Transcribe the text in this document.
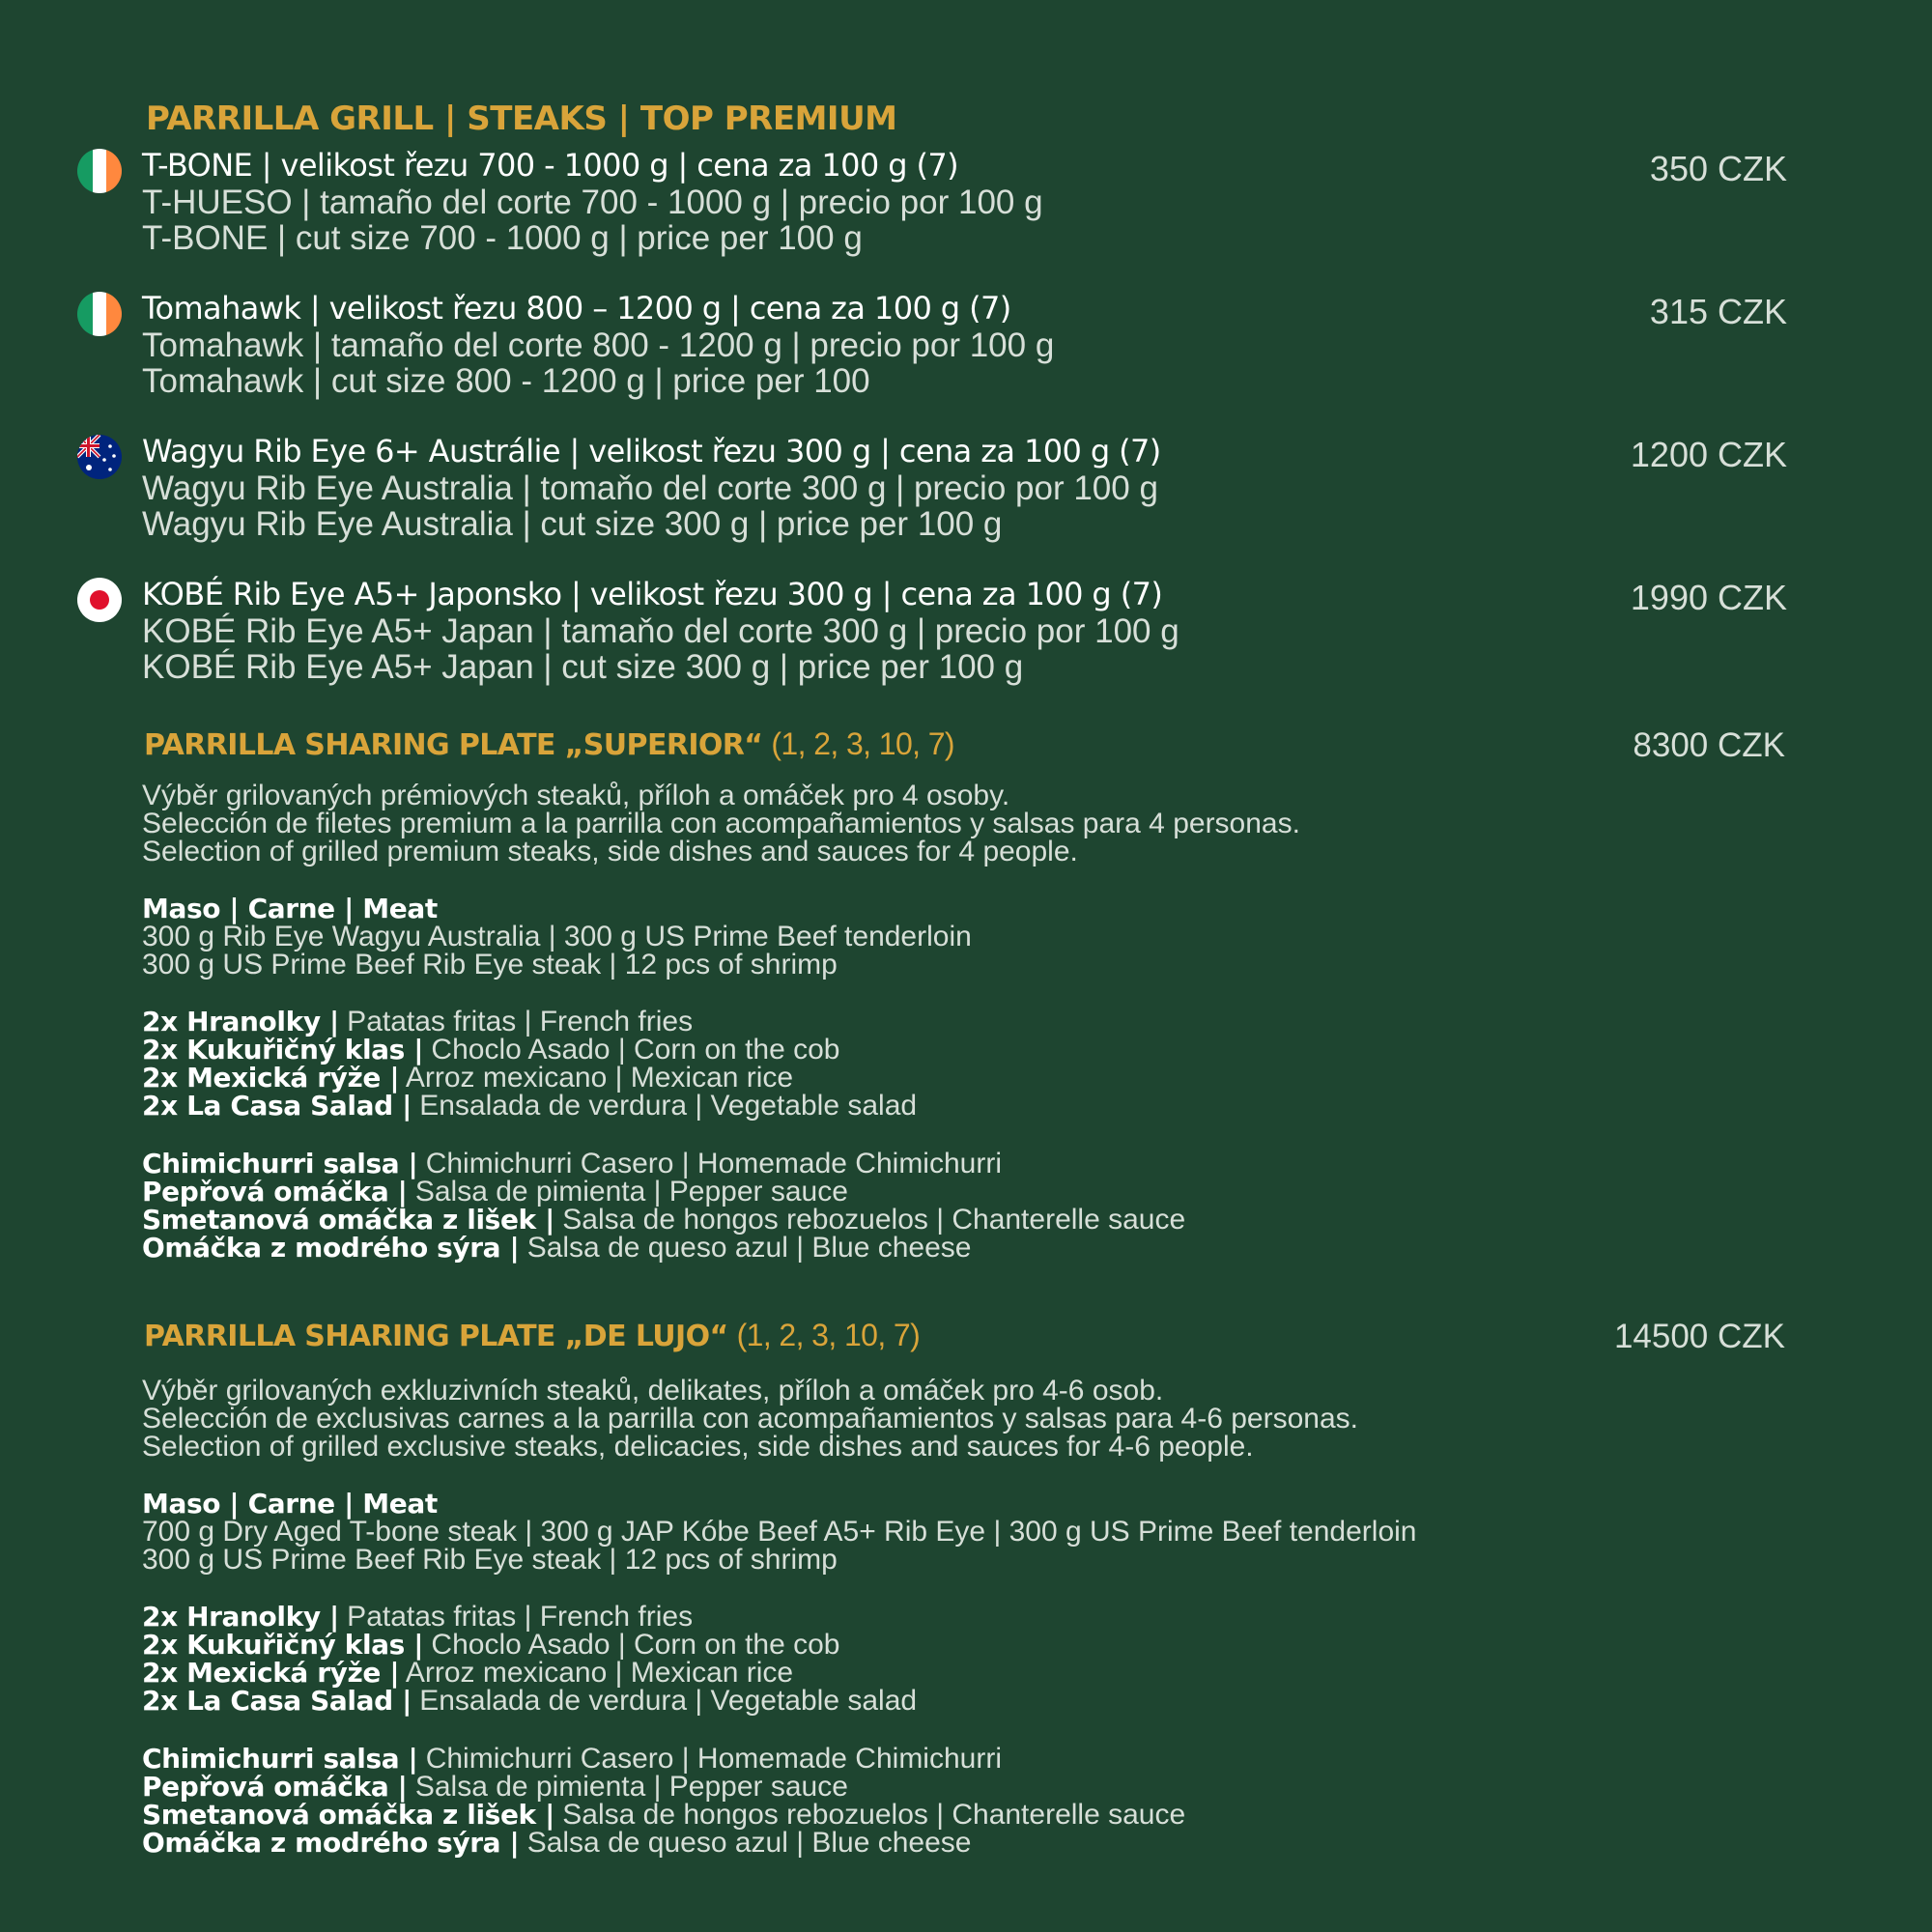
PARRILLA GRILL | STEAKS | TOP PREMIUM
T-BONE | velikost řezu 700 - 1000 g | cena za 100 g (7)
T-HUESO | tamaño del corte 700 - 1000 g | precio por 100 g
T-BONE | cut size 700 - 1000 g | price per 100 g
350 CZK
Tomahawk | velikost řezu 800 – 1200 g | cena za 100 g (7)
Tomahawk | tamaño del corte 800 - 1200 g | precio por 100 g
Tomahawk | cut size 800 - 1200 g | price per 100
315 CZK
Wagyu Rib Eye 6+ Austrálie | velikost řezu 300 g | cena za 100 g (7)
Wagyu Rib Eye Australia | tomaňo del corte 300 g | precio por 100 g
Wagyu Rib Eye Australia | cut size 300 g | price per 100 g
1200 CZK
KOBÉ Rib Eye A5+ Japonsko | velikost řezu 300 g | cena za 100 g (7)
KOBÉ Rib Eye A5+ Japan | tamaňo del corte 300 g | precio por 100 g
KOBÉ Rib Eye A5+ Japan | cut size 300 g | price per 100 g
1990 CZK
PARRILLA SHARING PLATE „SUPERIOR“ (1, 2, 3, 10, 7)	8300 CZK
Výběr grilovaných prémiových steaků, příloh a omáček pro 4 osoby.
Selección de filetes premium a la parrilla con acompañamientos y salsas para 4 personas.
Selection of grilled premium steaks, side dishes and sauces for 4 people.
Maso | Carne | Meat
300 g Rib Eye Wagyu Australia | 300 g US Prime Beef tenderloin
300 g US Prime Beef Rib Eye steak | 12 pcs of shrimp
2x Hranolky | Patatas fritas | French fries
2x Kukuřičný klas | Choclo Asado | Corn on the cob
2x Mexická rýže | Arroz mexicano | Mexican rice
2x La Casa Salad | Ensalada de verdura | Vegetable salad
Chimichurri salsa | Chimichurri Casero | Homemade Chimichurri
Pepřová omáčka | Salsa de pimienta | Pepper sauce
Smetanová omáčka z lišek | Salsa de hongos rebozuelos | Chanterelle sauce
Omáčka z modrého sýra | Salsa de queso azul | Blue cheese
PARRILLA SHARING PLATE „DE LUJO“ (1, 2, 3, 10, 7)	14500 CZK
Výběr grilovaných exkluzivních steaků, delikates, příloh a omáček pro 4-6 osob.
Selección de exclusivas carnes a la parrilla con acompañamientos y salsas para 4-6 personas.
Selection of grilled exclusive steaks, delicacies, side dishes and sauces for 4-6 people.
Maso | Carne | Meat
700 g Dry Aged T-bone steak | 300 g JAP Kóbe Beef A5+ Rib Eye | 300 g US Prime Beef tenderloin
300 g US Prime Beef Rib Eye steak | 12 pcs of shrimp
2x Hranolky | Patatas fritas | French fries
2x Kukuřičný klas | Choclo Asado | Corn on the cob
2x Mexická rýže | Arroz mexicano | Mexican rice
2x La Casa Salad | Ensalada de verdura | Vegetable salad
Chimichurri salsa | Chimichurri Casero | Homemade Chimichurri
Pepřová omáčka | Salsa de pimienta | Pepper sauce
Smetanová omáčka z lišek | Salsa de hongos rebozuelos | Chanterelle sauce
Omáčka z modrého sýra | Salsa de queso azul | Blue cheese
